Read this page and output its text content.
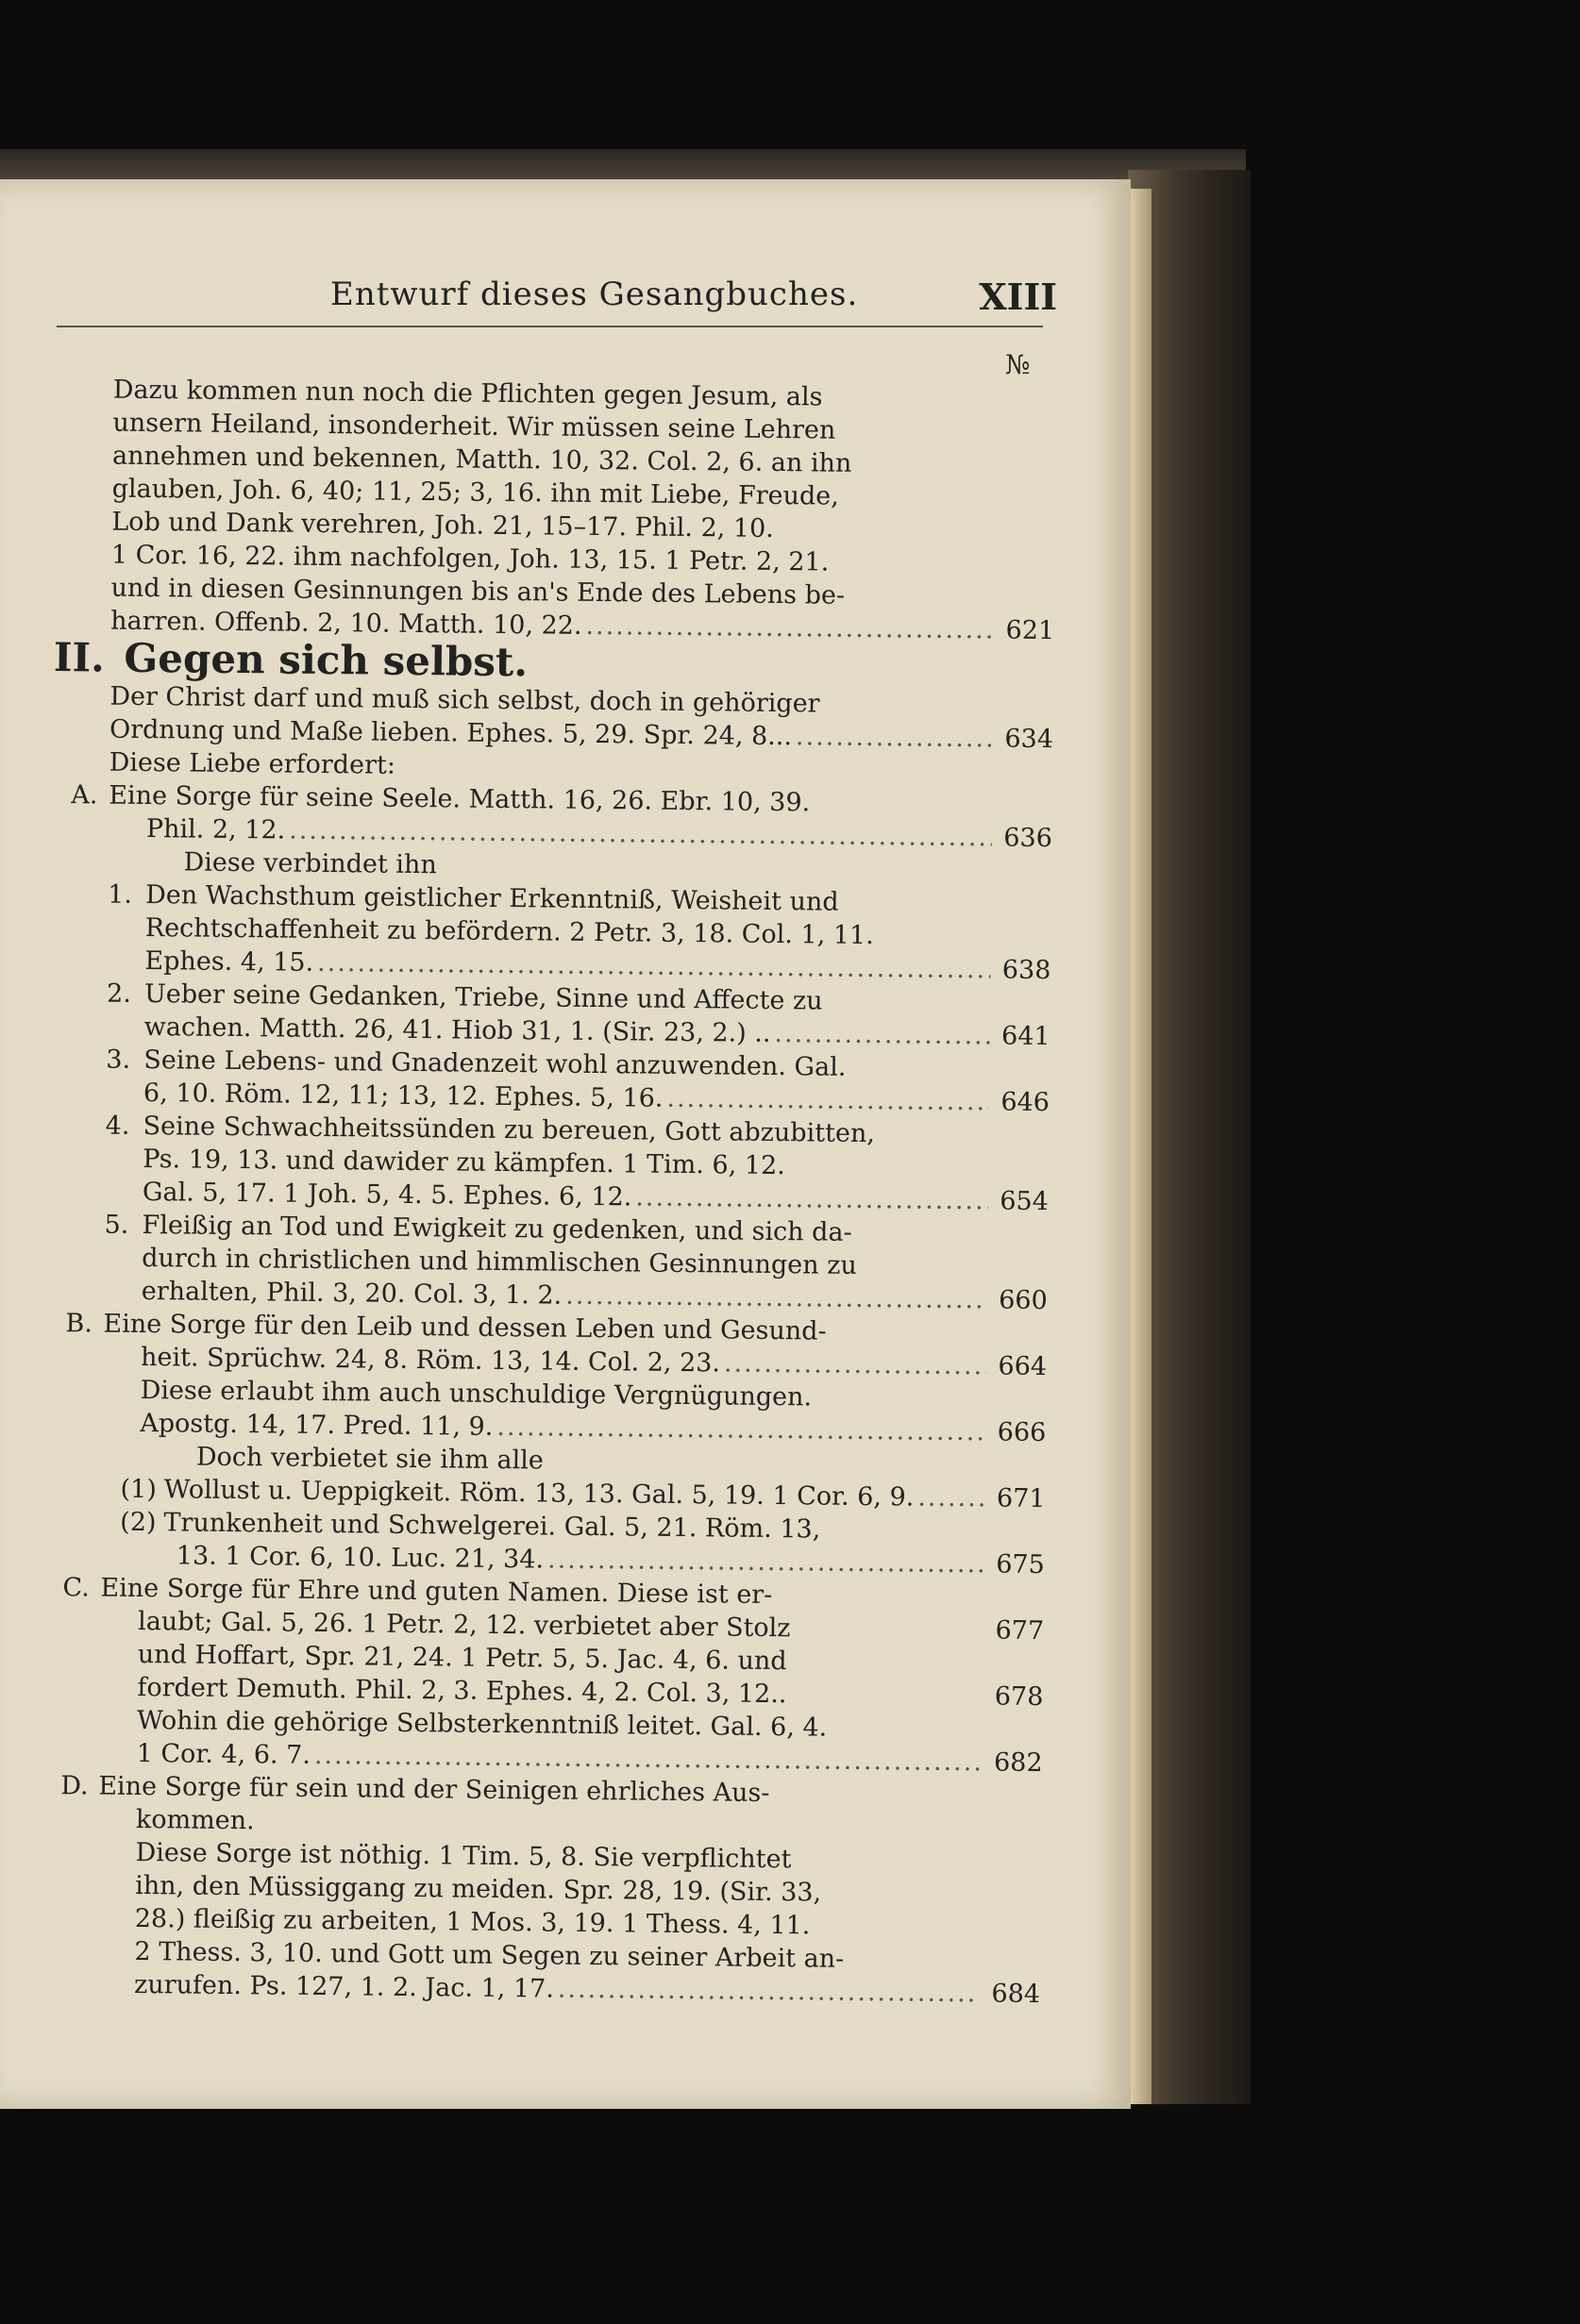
Entwurf dieses Gesangbuches.	XIII
№
Dazu kommen nun noch die Pflichten gegen Jesum, als
unsern Heiland, insonderheit. Wir müssen seine Lehren
annehmen und bekennen, Matth. 10, 32. Col. 2, 6. an ihn
glauben, Joh. 6, 40; 11, 25; 3, 16. ihn mit Liebe, Freude,
Lob und Dank verehren, Joh. 21, 15–17. Phil. 2, 10.
1 Cor. 16, 22. ihm nachfolgen, Joh. 13, 15. 1 Petr. 2, 21.
und in diesen Gesinnungen bis an's Ende des Lebens be-
harren. Offenb. 2, 10. Matth. 10, 22. .....	621
II. Gegen sich selbst.
Der Christ darf und muß sich selbst, doch in gehöriger
Ordnung und Maße lieben. Ephes. 5, 29. Spr. 24, 8... .....	634
Diese Liebe erfordert:
A. Eine Sorge für seine Seele. Matth. 16, 26. Ebr. 10, 39.
Phil. 2, 12. .....	636
Diese verbindet ihn
1. Den Wachsthum geistlicher Erkenntniß, Weisheit und
Rechtschaffenheit zu befördern. 2 Petr. 3, 18. Col. 1, 11.
Ephes. 4, 15. .....	638
2. Ueber seine Gedanken, Triebe, Sinne und Affecte zu
wachen. Matth. 26, 41. Hiob 31, 1. (Sir. 23, 2.) .. .....	641
3. Seine Lebens- und Gnadenzeit wohl anzuwenden. Gal.
6, 10. Röm. 12, 11; 13, 12. Ephes. 5, 16. .....	646
4. Seine Schwachheitssünden zu bereuen, Gott abzubitten,
Ps. 19, 13. und dawider zu kämpfen. 1 Tim. 6, 12.
Gal. 5, 17. 1 Joh. 5, 4. 5. Ephes. 6, 12. .....	654
5. Fleißig an Tod und Ewigkeit zu gedenken, und sich da-
durch in christlichen und himmlischen Gesinnungen zu
erhalten, Phil. 3, 20. Col. 3, 1. 2. .....	660
B. Eine Sorge für den Leib und dessen Leben und Gesund-
heit. Sprüchw. 24, 8. Röm. 13, 14. Col. 2, 23. .....	664
Diese erlaubt ihm auch unschuldige Vergnügungen.
Apostg. 14, 17. Pred. 11, 9. .....	666
Doch verbietet sie ihm alle
(1) Wollust u. Ueppigkeit. Röm. 13, 13. Gal. 5, 19. 1 Cor. 6, 9. .....	671
(2) Trunkenheit und Schwelgerei. Gal. 5, 21. Röm. 13,
13. 1 Cor. 6, 10. Luc. 21, 34. .....	675
C. Eine Sorge für Ehre und guten Namen. Diese ist er-
laubt; Gal. 5, 26. 1 Petr. 2, 12. verbietet aber Stolz	677
und Hoffart, Spr. 21, 24. 1 Petr. 5, 5. Jac. 4, 6. und
fordert Demuth. Phil. 2, 3. Ephes. 4, 2. Col. 3, 12..	678
Wohin die gehörige Selbsterkenntniß leitet. Gal. 6, 4.
1 Cor. 4, 6. 7. .....	682
D. Eine Sorge für sein und der Seinigen ehrliches Aus-
kommen.
Diese Sorge ist nöthig. 1 Tim. 5, 8. Sie verpflichtet
ihn, den Müssiggang zu meiden. Spr. 28, 19. (Sir. 33,
28.) fleißig zu arbeiten, 1 Mos. 3, 19. 1 Thess. 4, 11.
2 Thess. 3, 10. und Gott um Segen zu seiner Arbeit an-
zurufen. Ps. 127, 1. 2. Jac. 1, 17. .....	684
